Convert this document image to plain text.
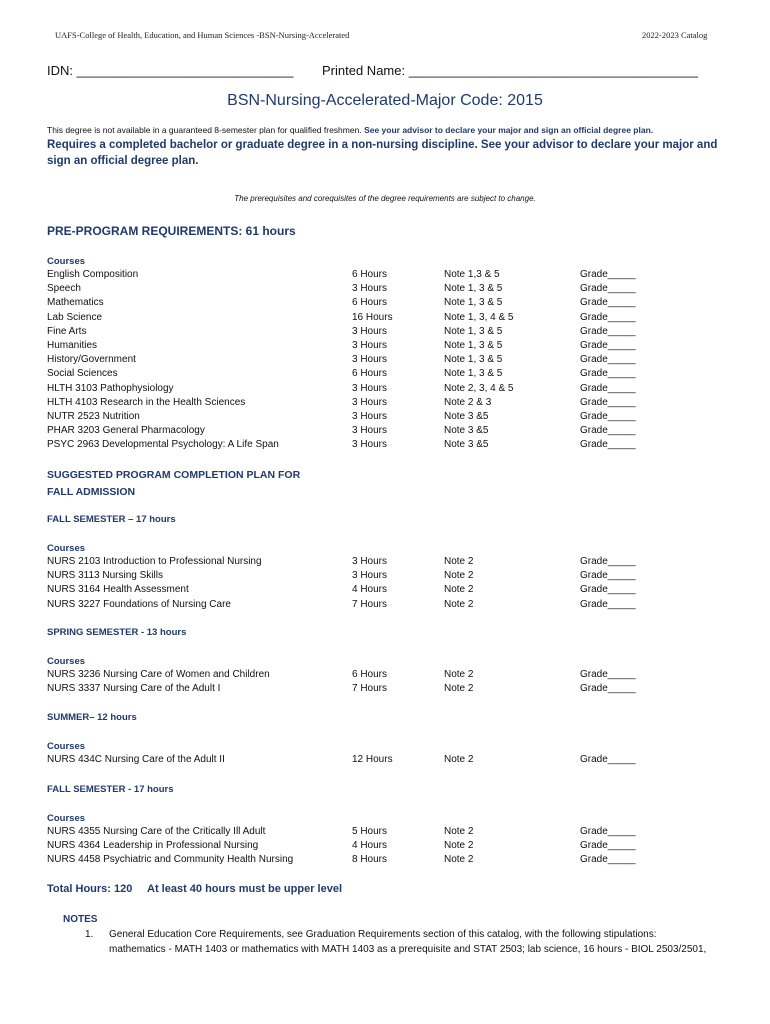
UAFS-College of Health, Education, and Human Sciences -BSN-Nursing-Accelerated	2022-2023 Catalog
IDN: ______________________________ Printed Name: ________________________________________
BSN-Nursing-Accelerated-Major Code: 2015
This degree is not available in a guaranteed 8-semester plan for qualified freshmen. See your advisor to declare your major and sign an official degree plan.
Requires a completed bachelor or graduate degree in a non-nursing discipline. See your advisor to declare your major and sign an official degree plan.
The prerequisites and corequisites of the degree requirements are subject to change.
PRE-PROGRAM REQUIREMENTS: 61 hours
Courses
English Composition	6 Hours	Note 1,3 & 5	Grade_____
Speech	3 Hours	Note 1, 3 & 5	Grade_____
Mathematics	6 Hours	Note 1, 3 & 5	Grade_____
Lab Science	16 Hours	Note 1, 3, 4 & 5	Grade_____
Fine Arts	3 Hours	Note 1, 3 & 5	Grade_____
Humanities	3 Hours	Note 1, 3 & 5	Grade_____
History/Government	3 Hours	Note 1, 3 & 5	Grade_____
Social Sciences	6 Hours	Note 1, 3 & 5	Grade_____
HLTH 3103 Pathophysiology	3 Hours	Note 2, 3, 4 & 5	Grade_____
HLTH 4103 Research in the Health Sciences	3 Hours	Note 2 & 3	Grade_____
NUTR 2523 Nutrition	3 Hours	Note 3 &5	Grade_____
PHAR 3203 General Pharmacology	3 Hours	Note 3 &5	Grade_____
PSYC 2963 Developmental Psychology: A Life Span	3 Hours	Note 3 &5	Grade_____
SUGGESTED PROGRAM COMPLETION PLAN FOR
FALL ADMISSION
FALL SEMESTER – 17 hours
Courses
NURS 2103 Introduction to Professional Nursing	3 Hours	Note 2	Grade_____
NURS 3113 Nursing Skills	3 Hours	Note 2	Grade_____
NURS 3164 Health Assessment	4 Hours	Note 2	Grade_____
NURS 3227 Foundations of Nursing Care	7 Hours	Note 2	Grade_____
SPRING SEMESTER - 13 hours
Courses
NURS 3236 Nursing Care of Women and Children	6 Hours	Note 2	Grade_____
NURS 3337 Nursing Care of the Adult I	7 Hours	Note 2	Grade_____
SUMMER– 12 hours
Courses
NURS 434C Nursing Care of the Adult II	12 Hours	Note 2	Grade_____
FALL SEMESTER - 17 hours
Courses
NURS 4355 Nursing Care of the Critically Ill Adult	5 Hours	Note 2	Grade_____
NURS 4364 Leadership in Professional Nursing	4 Hours	Note 2	Grade_____
NURS 4458 Psychiatric and Community Health Nursing	8 Hours	Note 2	Grade_____
Total Hours: 120 At least 40 hours must be upper level
NOTES
1. General Education Core Requirements, see Graduation Requirements section of this catalog, with the following stipulations:
mathematics - MATH 1403 or mathematics with MATH 1403 as a prerequisite and STAT 2503; lab science, 16 hours - BIOL 2503/2501,
